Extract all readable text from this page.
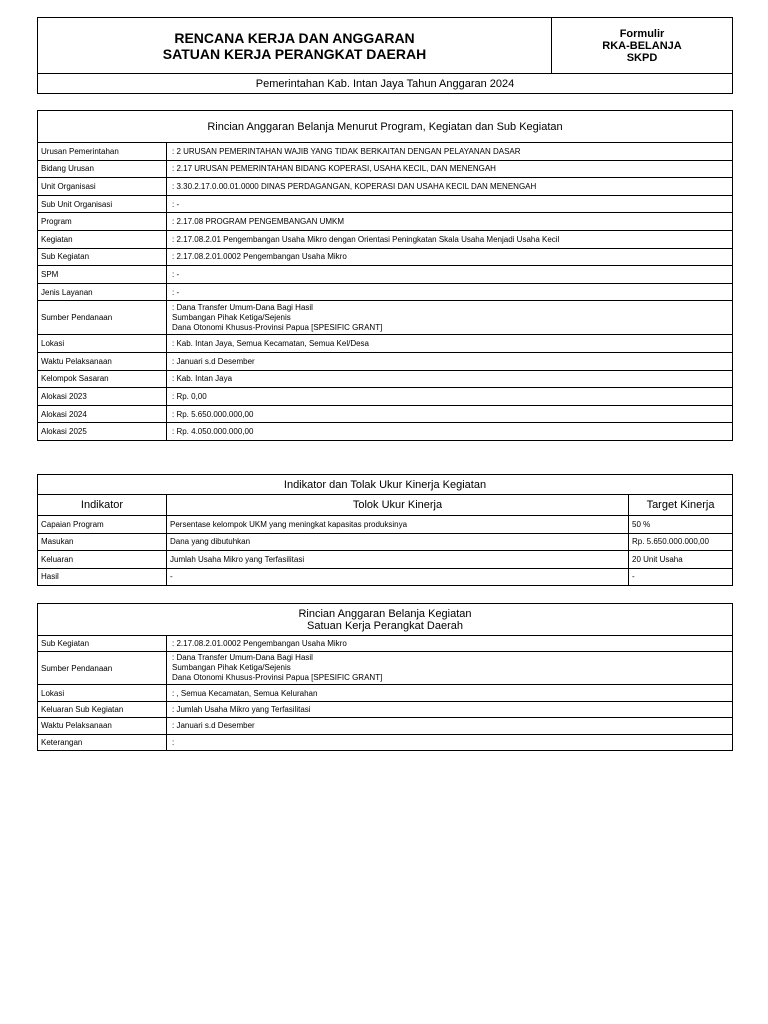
RENCANA KERJA DAN ANGGARAN
SATUAN KERJA PERANGKAT DAERAH

Formulir
RKA-BELANJA
SKPD

Pemerintahan Kab. Intan Jaya Tahun Anggaran 2024
Rincian Anggaran Belanja Menurut Program, Kegiatan dan Sub Kegiatan	
Urusan Pemerintahan	: 2 URUSAN PEMERINTAHAN WAJIB YANG TIDAK BERKAITAN DENGAN PELAYANAN DASAR
Bidang Urusan	: 2.17 URUSAN PEMERINTAHAN BIDANG KOPERASI, USAHA KECIL, DAN MENENGAH
Unit Organisasi	: 3.30.2.17.0.00.01.0000 DINAS PERDAGANGAN, KOPERASI DAN USAHA KECIL DAN MENENGAH
Sub Unit Organisasi	: -
Program	: 2.17.08 PROGRAM PENGEMBANGAN UMKM
Kegiatan	: 2.17.08.2.01 Pengembangan Usaha Mikro dengan Orientasi Peningkatan Skala Usaha Menjadi Usaha Kecil
Sub Kegiatan	: 2.17.08.2.01.0002 Pengembangan Usaha Mikro
SPM	: -
Jenis Layanan	: -
Sumber Pendanaan	: Dana Transfer Umum-Dana Bagi Hasil
Sumbangan Pihak Ketiga/Sejenis
Dana Otonomi Khusus-Provinsi Papua [SPESIFIC GRANT]

Lokasi	: Kab. Intan Jaya, Semua Kecamatan, Semua Kel/Desa
Waktu Pelaksanaan	: Januari s.d Desember
Kelompok Sasaran	: Kab. Intan Jaya
Alokasi 2023	: Rp. 0,00
Alokasi 2024	: Rp. 5.650.000.000,00
Alokasi 2025	: Rp. 4.050.000.000,00
Indikator dan Tolak Ukur Kinerja Kegiatan		
Indikator	Tolok Ukur Kinerja	Target Kinerja
Capaian Program	Persentase kelompok UKM yang meningkat kapasitas produksinya	50 %
Masukan	Dana yang dibutuhkan	Rp. 5.650.000.000,00
Keluaran	Jumlah Usaha Mikro yang Terfasilitasi	20 Unit Usaha
Hasil	-	-
Rincian Anggaran Belanja Kegiatan
Satuan Kerja Perangkat Daerah	

Sub Kegiatan	: 2.17.08.2.01.0002 Pengembangan Usaha Mikro
Sumber Pendanaan	: Dana Transfer Umum-Dana Bagi Hasil
Sumbangan Pihak Ketiga/Sejenis
Dana Otonomi Khusus-Provinsi Papua [SPESIFIC GRANT]

Lokasi	: , Semua Kecamatan, Semua Kelurahan
Keluaran Sub Kegiatan	: Jumlah Usaha Mikro yang Terfasilitasi
Waktu Pelaksanaan	: Januari s.d Desember
Keterangan	:
